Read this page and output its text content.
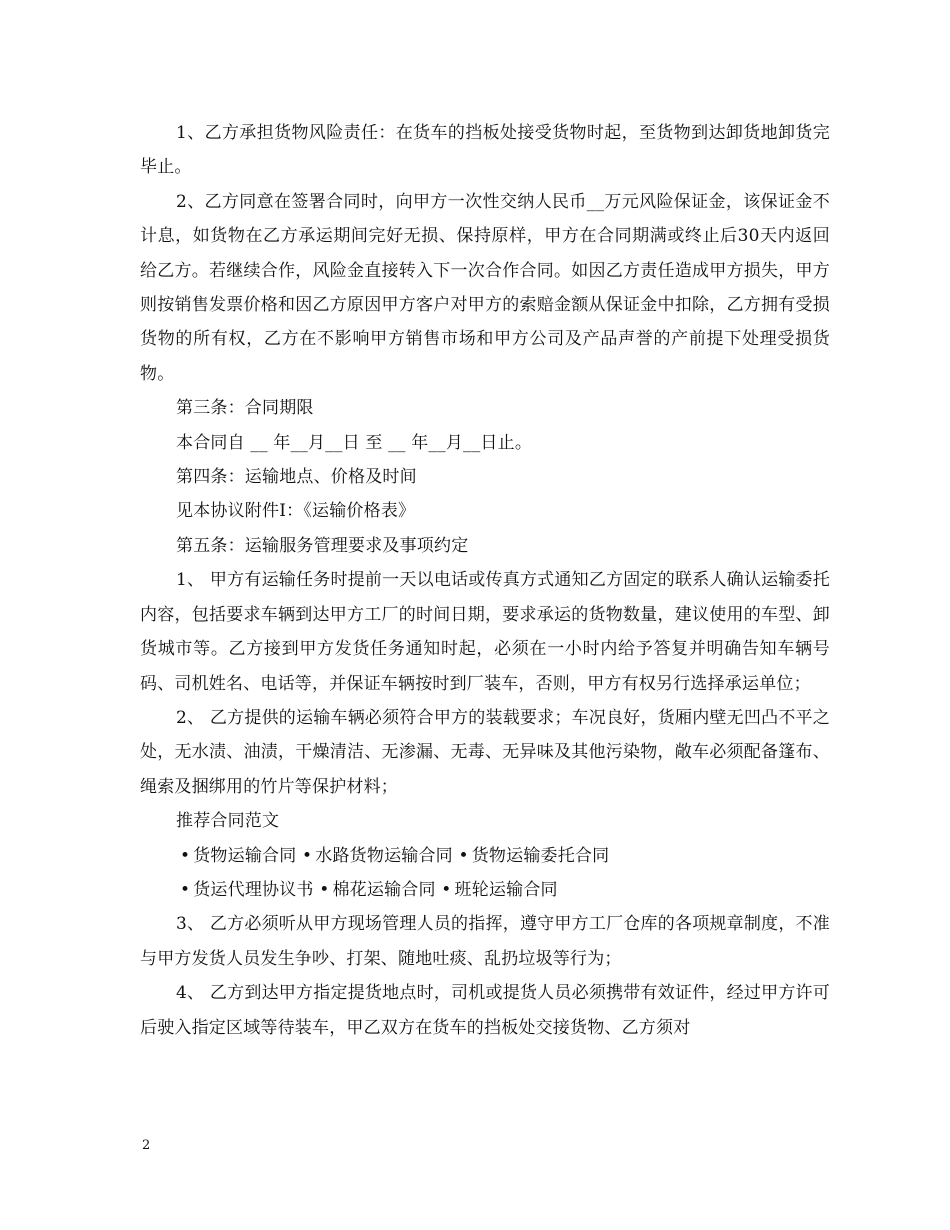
1、乙方承担货物风险责任：在货车的挡板处接受货物时起，至货物到达卸货地卸货完毕止。

2、乙方同意在签署合同时，向甲方一次性交纳人民币__万元风险保证金，该保证金不计息，如货物在乙方承运期间完好无损、保持原样，甲方在合同期满或终止后30天内返回给乙方。若继续合作，风险金直接转入下一次合作合同。如因乙方责任造成甲方损失，甲方则按销售发票价格和因乙方原因甲方客户对甲方的索赔金额从保证金中扣除，乙方拥有受损货物的所有权，乙方在不影响甲方销售市场和甲方公司及产品声誉的产前提下处理受损货物。

第三条：合同期限

本合同自 __ 年__月__日 至 __ 年__月__日止。

第四条：运输地点、价格及时间

见本协议附件Ⅰ：《运输价格表》

第五条：运输服务管理要求及事项约定

1、 甲方有运输任务时提前一天以电话或传真方式通知乙方固定的联系人确认运输委托内容，包括要求车辆到达甲方工厂的时间日期，要求承运的货物数量，建议使用的车型、卸货城市等。乙方接到甲方发货任务通知时起，必须在一小时内给予答复并明确告知车辆号码、司机姓名、电话等，并保证车辆按时到厂装车，否则，甲方有权另行选择承运单位；

2、 乙方提供的运输车辆必须符合甲方的装载要求；车况良好，货厢内壁无凹凸不平之处，无水渍、油渍，干燥清洁、无渗漏、无毒、无异味及其他污染物，敞车必须配备篷布、绳索及捆绑用的竹片等保护材料；

推荐合同范文

• 货物运输合同 • 水路货物运输合同 • 货物运输委托合同
• 货运代理协议书 • 棉花运输合同 • 班轮运输合同

3、 乙方必须听从甲方现场管理人员的指挥，遵守甲方工厂仓库的各项规章制度，不准与甲方发货人员发生争吵、打架、随地吐痰、乱扔垃圾等行为；

4、 乙方到达甲方指定提货地点时，司机或提货人员必须携带有效证件，经过甲方许可后驶入指定区域等待装车，甲乙双方在货车的挡板处交接货物、乙方须对

2
